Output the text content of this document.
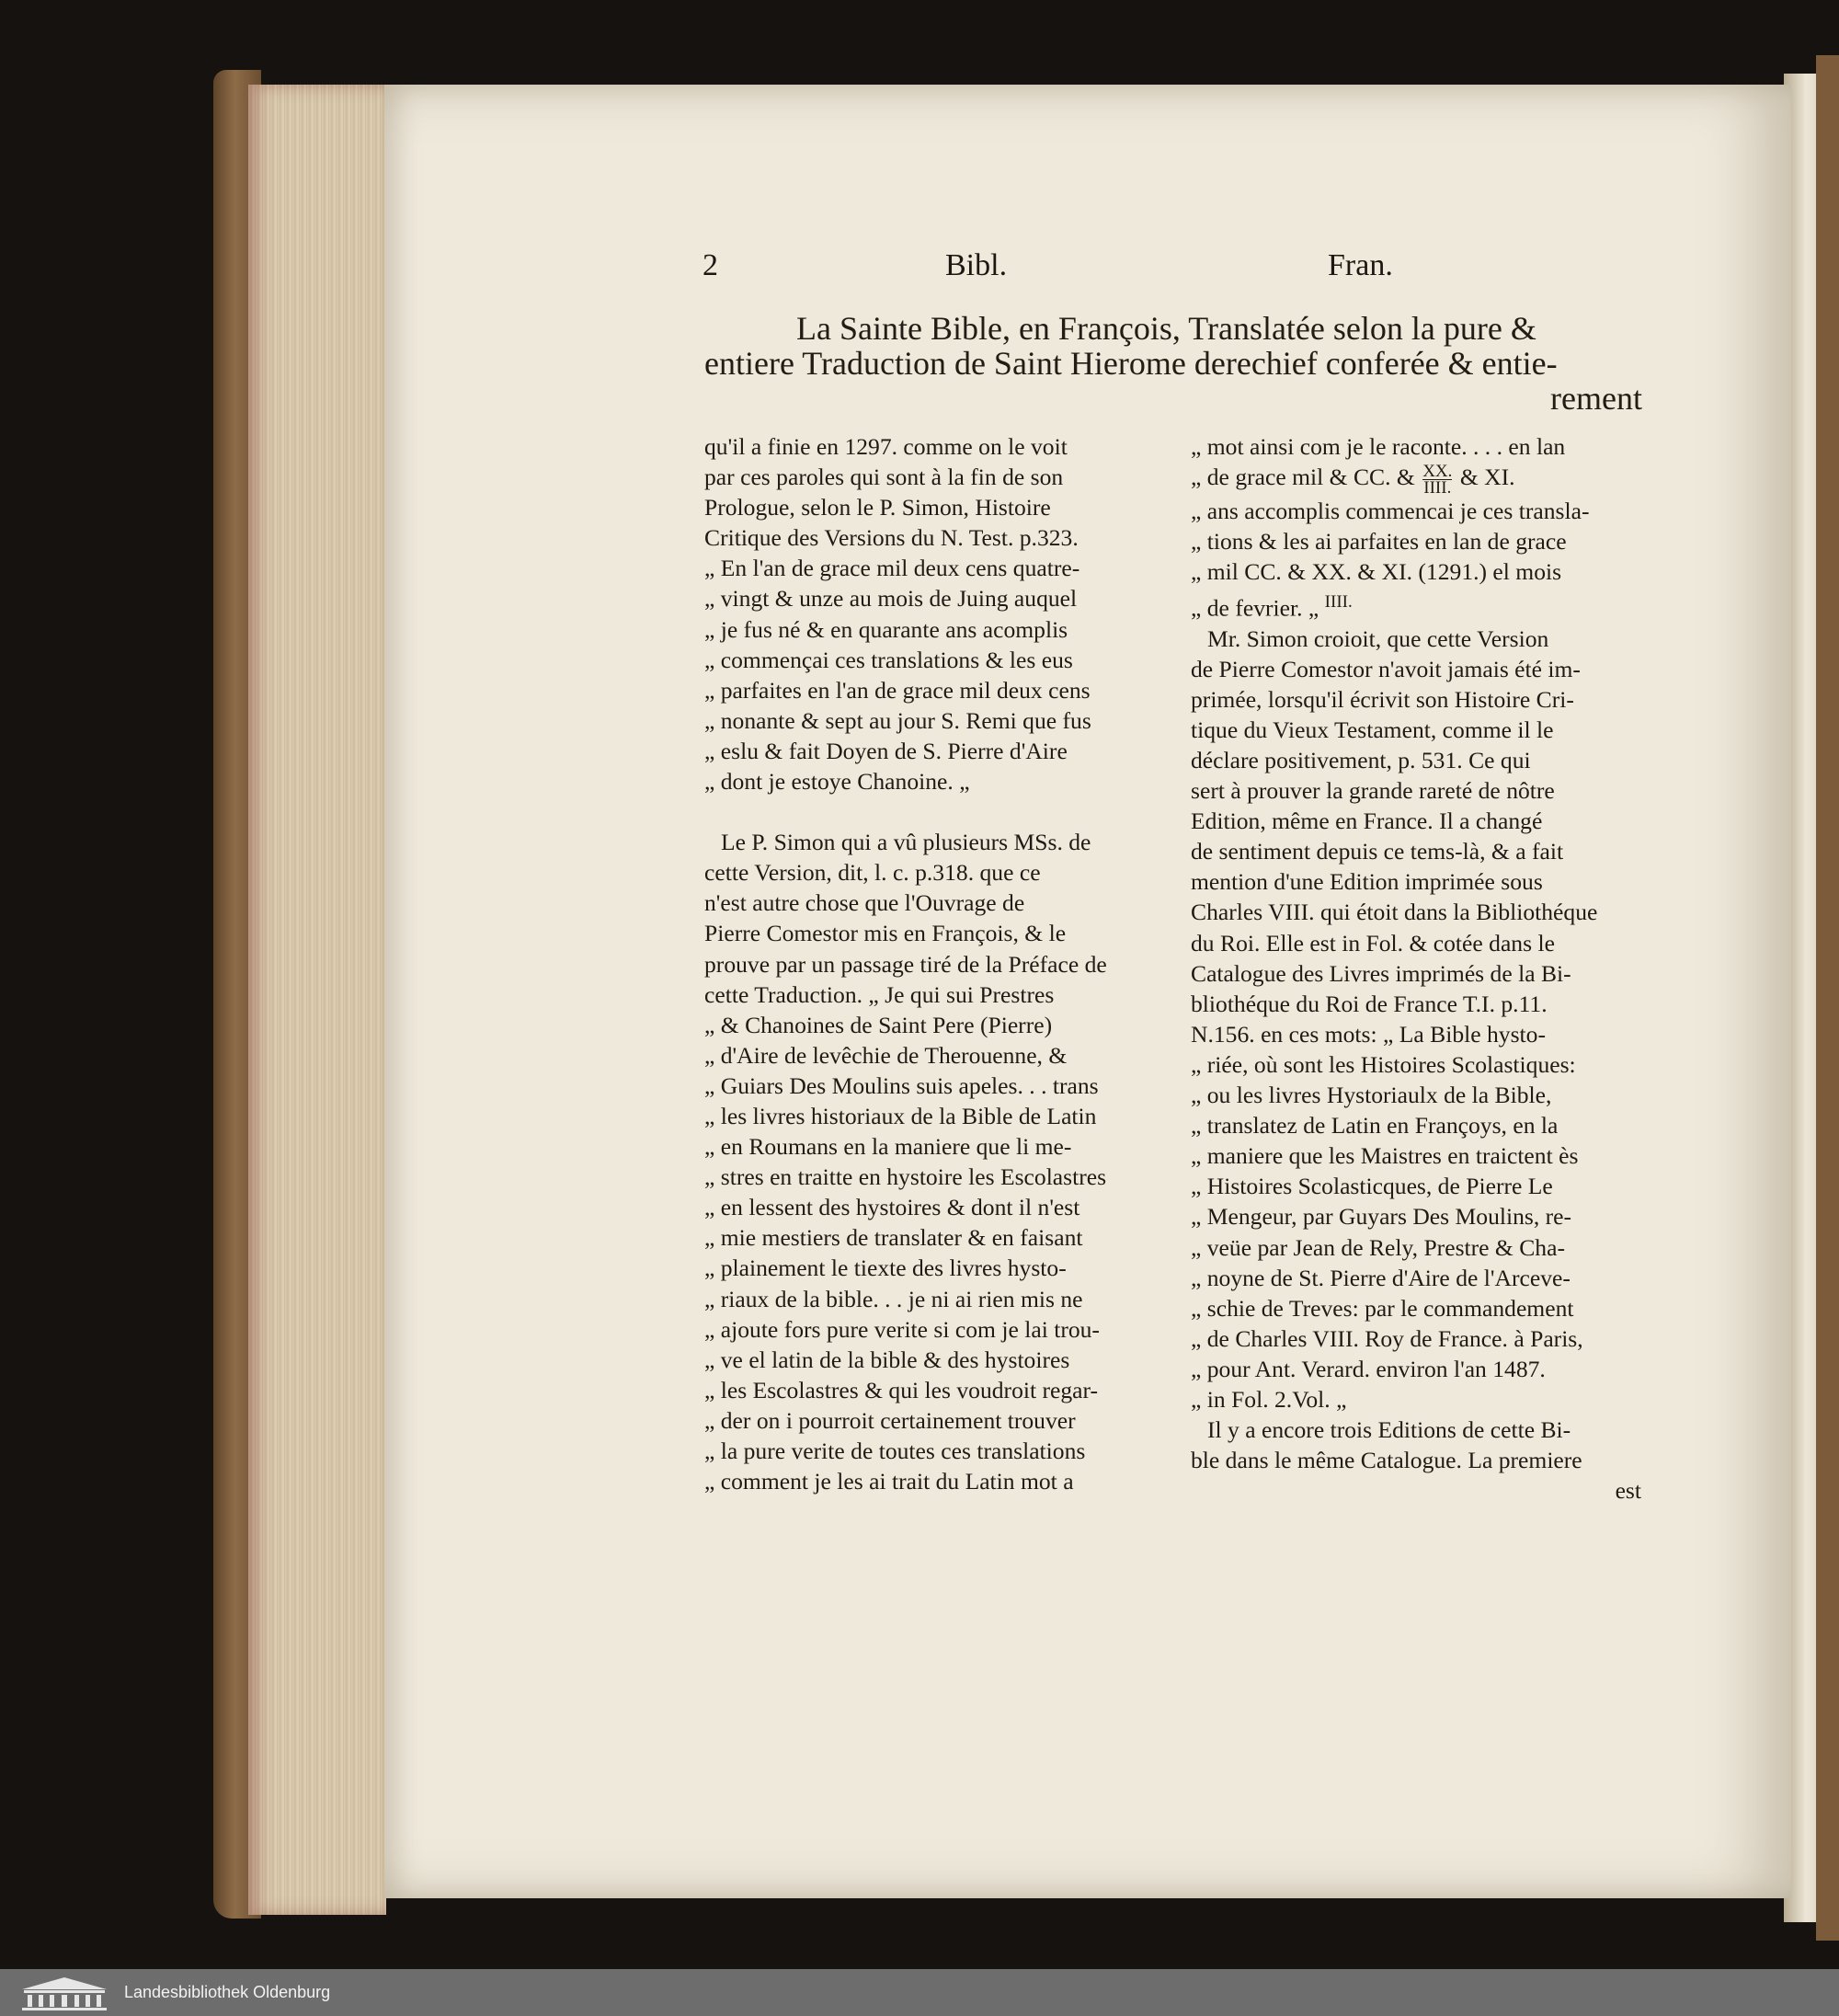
2	Bibl.	Fran.
La Sainte Bible, en François, Translatée selon la pure &
entiere Traduction de Saint Hierome derechief conferée & entie-
rement
qu'il a finie en 1297. comme on le voit
par ces paroles qui sont à la fin de son
Prologue, selon le P. Simon, Histoire
Critique des Versions du N. Test. p.323.
„ En l'an de grace mil deux cens quatre-
„ vingt & unze au mois de Juing auquel
„ je fus né & en quarante ans acomplis
„ commençai ces translations & les eus
„ parfaites en l'an de grace mil deux cens
„ nonante & sept au jour S. Remi que fus
„ eslu & fait Doyen de S. Pierre d'Aire
„ dont je estoye Chanoine. „
Le P. Simon qui a vû plusieurs MSs. de
cette Version, dit, l. c. p.318. que ce
n'est autre chose que l'Ouvrage de
Pierre Comestor mis en François, & le
prouve par un passage tiré de la Préface de
cette Traduction. „ Je qui sui Prestres
„ & Chanoines de Saint Pere (Pierre)
„ d'Aire de levêchie de Therouenne, &
„ Guiars Des Moulins suis apeles. . . trans
„ les livres historiaux de la Bible de Latin
„ en Roumans en la maniere que li me-
„ stres en traitte en hystoire les Escolastres
„ en lessent des hystoires & dont il n'est
„ mie mestiers de translater & en faisant
„ plainement le tiexte des livres hysto-
„ riaux de la bible. . . je ni ai rien mis ne
„ ajoute fors pure verite si com je lai trou-
„ ve el latin de la bible & des hystoires
„ les Escolastres & qui les voudroit regar-
„ der on i pourroit certainement trouver
„ la pure verite de toutes ces translations
„ comment je les ai trait du Latin mot a
„ mot ainsi com je le raconte. . . . en lan
„ de grace mil & CC. & $\frac{XX.}{\text{IIII.}}$ & XI.
„ ans accomplis commencai je ces transla-
„ tions & les ai parfaites en lan de grace
„ mil CC. & XX. & XI. (1291.) el mois
„ de fevrier. „ $^{IIII.}$
Mr. Simon croioit, que cette Version
de Pierre Comestor n'avoit jamais été im-
primée, lorsqu'il écrivit son Histoire Cri-
tique du Vieux Testament, comme il le
déclare positivement, p. 531. Ce qui
sert à prouver la grande rareté de nôtre
Edition, même en France. Il a changé
de sentiment depuis ce tems-là, & a fait
mention d'une Edition imprimée sous
Charles VIII. qui étoit dans la Bibliothéque
du Roi. Elle est in Fol. & cotée dans le
Catalogue des Livres imprimés de la Bi-
bliothéque du Roi de France T.I. p.11.
N.156. en ces mots: „ La Bible hysto-
„ riée, où sont les Histoires Scolastiques:
„ ou les livres Hystoriaulx de la Bible,
„ translatez de Latin en Françoys, en la
„ maniere que les Maistres en traictent ès
„ Histoires Scolasticques, de Pierre Le
„ Mengeur, par Guyars Des Moulins, re-
„ veüe par Jean de Rely, Prestre & Cha-
„ noyne de St. Pierre d'Aire de l'Arceve-
„ schie de Treves: par le commandement
„ de Charles VIII. Roy de France. à Paris,
„ pour Ant. Verard. environ l'an 1487.
„ in Fol. 2.Vol. „
Il y a encore trois Editions de cette Bi-
ble dans le même Catalogue. La premiere
est
Landesbibliothek Oldenburg
